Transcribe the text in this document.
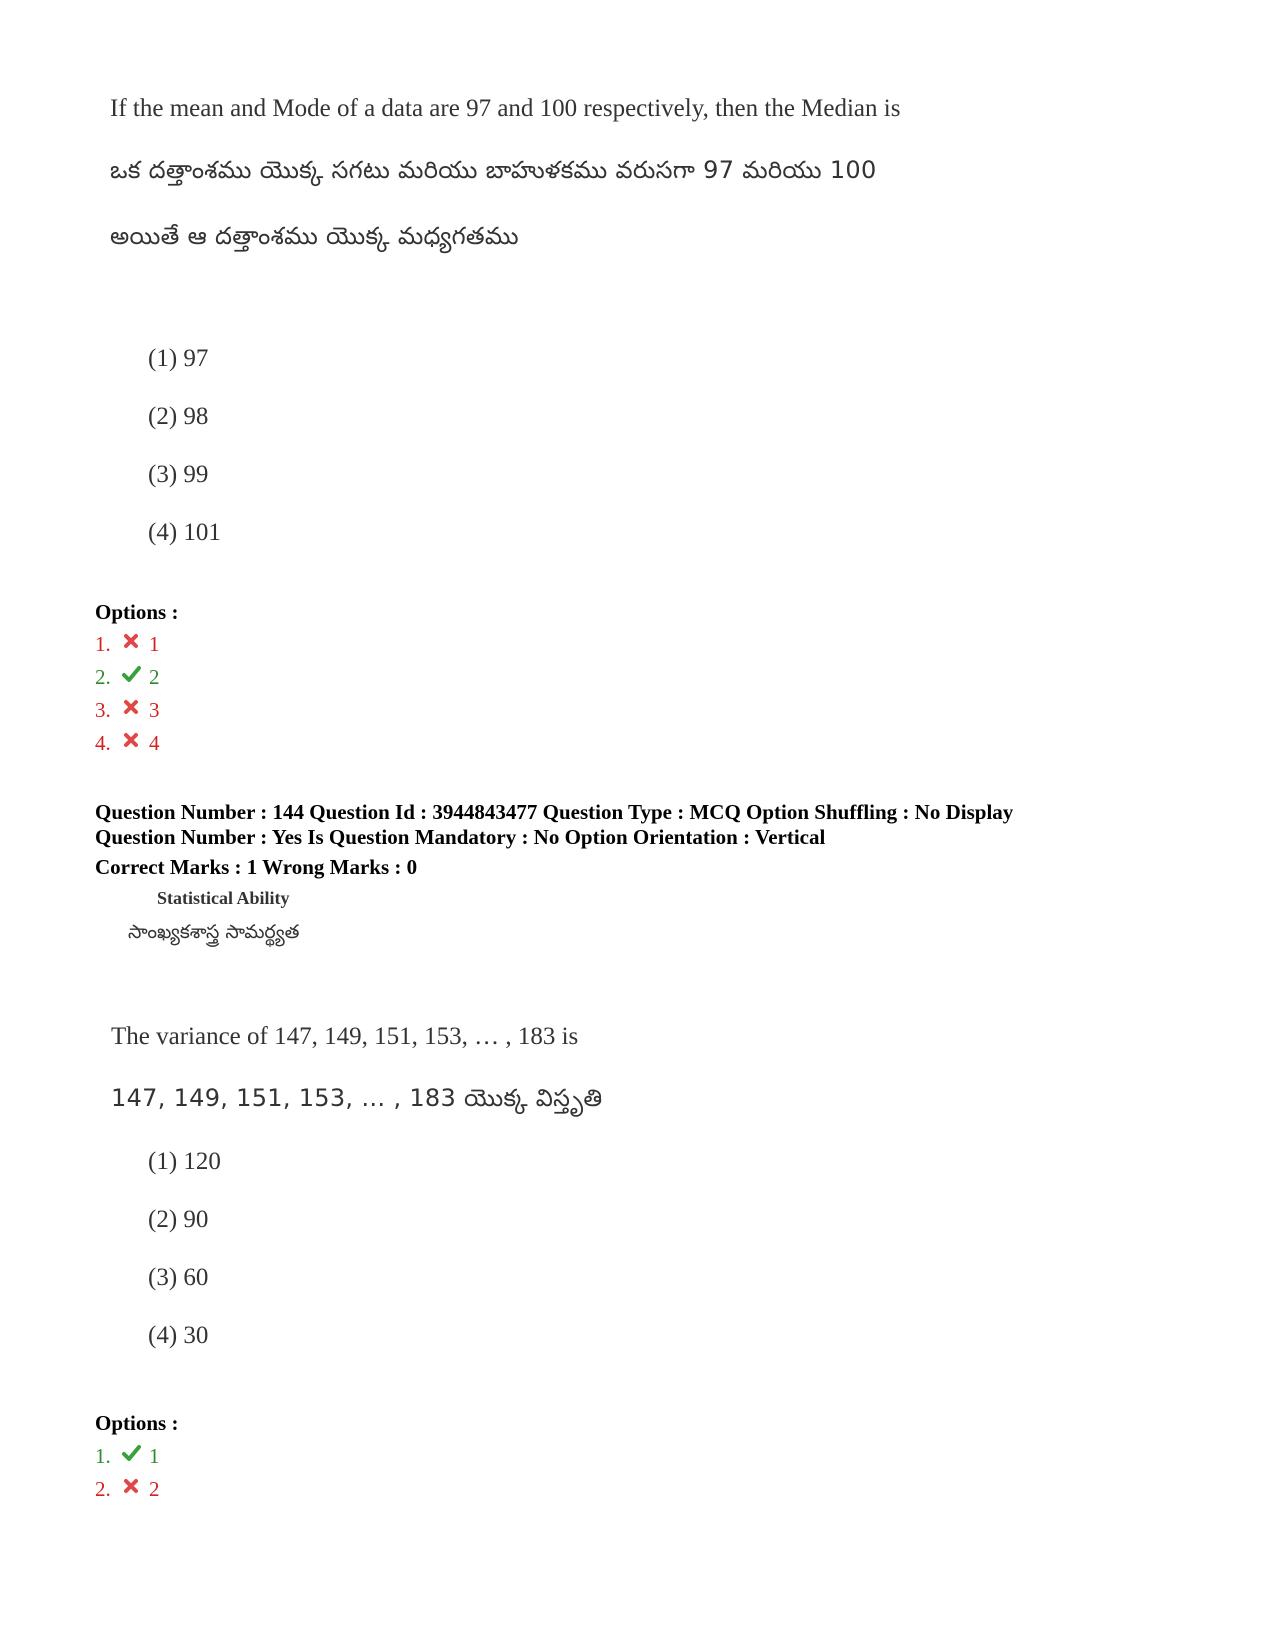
If the mean and Mode of a data are 97 and 100 respectively, then the Median is
ఒక దత్తాంశము యొక్క సగటు మరియు బాహుళకము వరుసగా 97 మరియు 100
అయితే ఆ దత్తాంశము యొక్క మధ్యగతము
(1) 97
(2) 98
(3) 99
(4) 101
Options :
1.	1
2.	2
3.	3
4.	4
Question Number : 144 Question Id : 3944843477 Question Type : MCQ Option Shuffling : No Display
Question Number : Yes Is Question Mandatory : No Option Orientation : Vertical
Correct Marks : 1 Wrong Marks : 0
Statistical Ability
సాంఖ్యకశాస్త్ర సామర్థ్యత
The variance of 147, 149, 151, 153, … , 183 is
147, 149, 151, 153, … , 183 యొక్క విస్తృతి
(1) 120
(2) 90
(3) 60
(4) 30
Options :
1.	1
2.	2
